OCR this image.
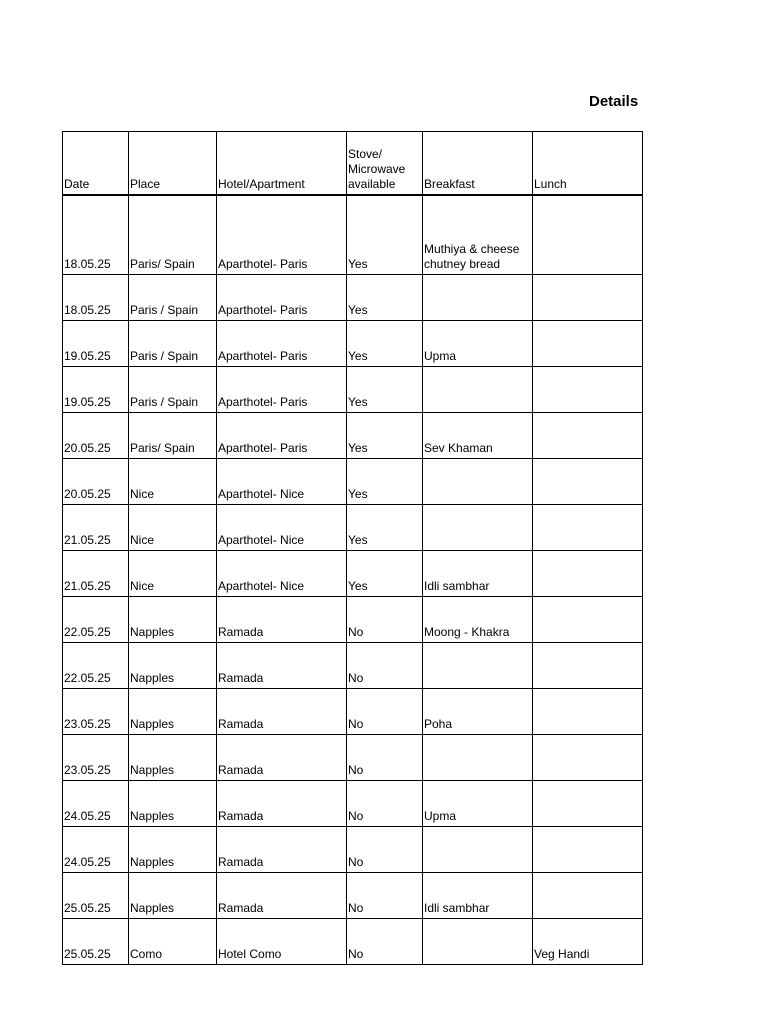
Details
Date	Place	Hotel/Apartment	Stove/ Microwave available	Breakfast	Lunch
18.05.25	Paris/ Spain	Aparthotel- Paris	Yes	Muthiya & cheese chutney bread	
18.05.25	Paris / Spain	Aparthotel- Paris	Yes		
19.05.25	Paris / Spain	Aparthotel- Paris	Yes	Upma	
19.05.25	Paris / Spain	Aparthotel- Paris	Yes		
20.05.25	Paris/ Spain	Aparthotel- Paris	Yes	Sev Khaman	
20.05.25	Nice	Aparthotel- Nice	Yes		
21.05.25	Nice	Aparthotel- Nice	Yes		
21.05.25	Nice	Aparthotel- Nice	Yes	Idli sambhar	
22.05.25	Napples	Ramada	No	Moong - Khakra	
22.05.25	Napples	Ramada	No		
23.05.25	Napples	Ramada	No	Poha	
23.05.25	Napples	Ramada	No		
24.05.25	Napples	Ramada	No	Upma	
24.05.25	Napples	Ramada	No		
25.05.25	Napples	Ramada	No	Idli sambhar	
25.05.25	Como	Hotel Como	No		Veg Handi
